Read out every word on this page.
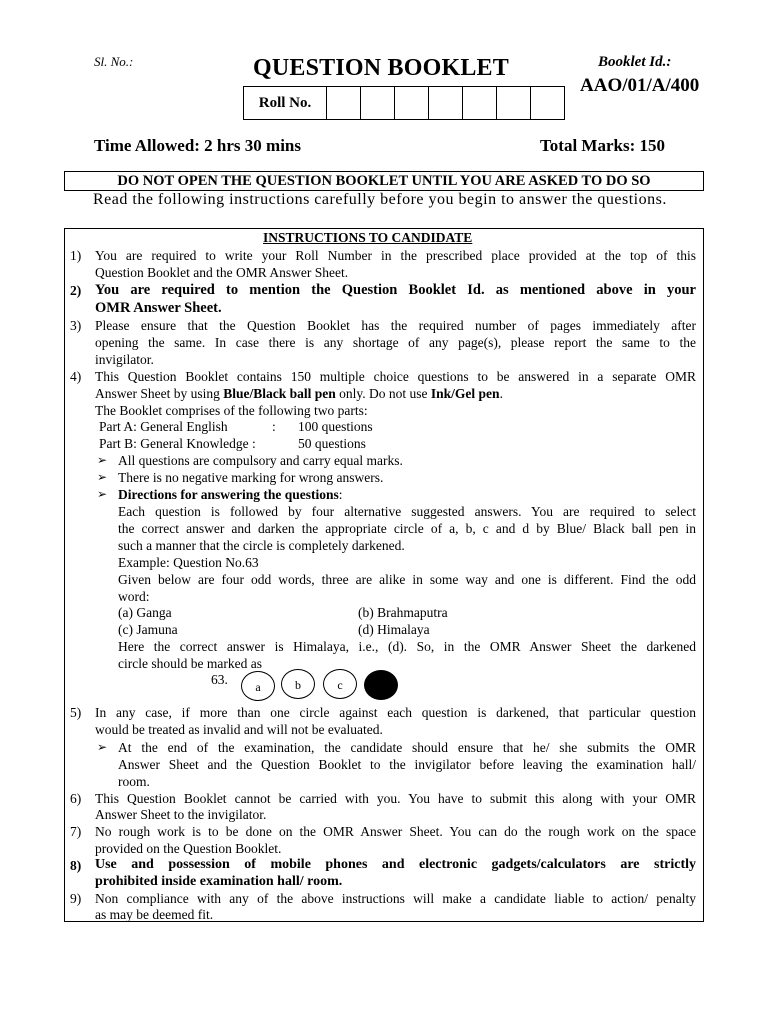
Sl. No.:	QUESTION BOOKLET	Booklet Id.:
AAO/01/A/400
Roll No.
Time Allowed: 2 hrs 30 mins	Total Marks: 150
DO NOT OPEN THE QUESTION BOOKLET UNTIL YOU ARE ASKED TO DO SO
Read the following instructions carefully before you begin to answer the questions.
INSTRUCTIONS TO CANDIDATE
1) You are required to write your Roll Number in the prescribed place provided at the top of this
Question Booklet and the OMR Answer Sheet.
2) You are required to mention the Question Booklet Id. as mentioned above in your
OMR Answer Sheet.
3) Please ensure that the Question Booklet has the required number of pages immediately after
opening the same. In case there is any shortage of any page(s), please report the same to the
invigilator.
4) This Question Booklet contains 150 multiple choice questions to be answered in a separate OMR
Answer Sheet by using Blue/Black ball pen only. Do not use Ink/Gel pen.
The Booklet comprises of the following two parts:
Part A: General English	: 100 questions
Part B: General Knowledge :	50 questions
➢ All questions are compulsory and carry equal marks.
➢ There is no negative marking for wrong answers.
➢ Directions for answering the questions:
Each question is followed by four alternative suggested answers. You are required to select
the correct answer and darken the appropriate circle of a, b, c and d by Blue/ Black ball pen in
such a manner that the circle is completely darkened.
Example: Question No.63
Given below are four odd words, three are alike in some way and one is different. Find the odd
word:
(a) Ganga	(b) Brahmaputra
(c) Jamuna	(d) Himalaya
Here the correct answer is Himalaya, i.e., (d). So, in the OMR Answer Sheet the darkened
circle should be marked as
63.	a	b	c
5) In any case, if more than one circle against each question is darkened, that particular question
would be treated as invalid and will not be evaluated.
➢ At the end of the examination, the candidate should ensure that he/ she submits the OMR
Answer Sheet and the Question Booklet to the invigilator before leaving the examination hall/
room.
6) This Question Booklet cannot be carried with you. You have to submit this along with your OMR
Answer Sheet to the invigilator.
7) No rough work is to be done on the OMR Answer Sheet. You can do the rough work on the space
provided on the Question Booklet.
8) Use and possession of mobile phones and electronic gadgets/calculators are strictly
prohibited inside examination hall/ room.
9) Non compliance with any of the above instructions will make a candidate liable to action/ penalty
as may be deemed fit.
